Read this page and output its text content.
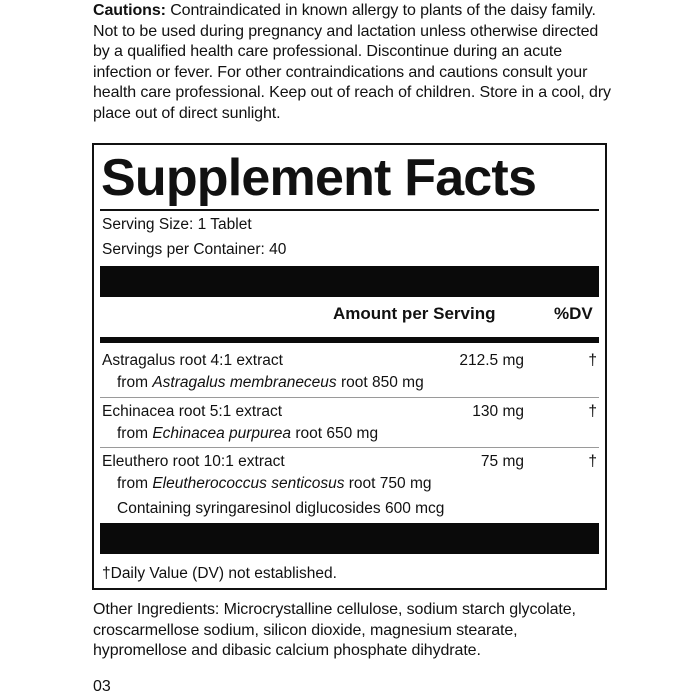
Cautions: Contraindicated in known allergy to plants of the daisy family. Not to be used during pregnancy and lactation unless otherwise directed by a qualified health care professional. Discontinue during an acute infection or fever. For other contraindications and cautions consult your health care professional. Keep out of reach of children. Store in a cool, dry place out of direct sunlight.
Supplement Facts
Serving Size: 1 Tablet
Servings per Container: 40
Amount per Serving	%DV
Astragalus root 4:1 extract	212.5 mg	†
from Astragalus membraneceus root 850 mg
Echinacea root 5:1 extract	130 mg	†
from Echinacea purpurea root 650 mg
Eleuthero root 10:1 extract	75 mg	†
from Eleutherococcus senticosus root 750 mg
Containing syringaresinol diglucosides 600 mcg
†Daily Value (DV) not established.
Other Ingredients: Microcrystalline cellulose, sodium starch glycolate, croscarmellose sodium, silicon dioxide, magnesium stearate, hypromellose and dibasic calcium phosphate dihydrate.
03
